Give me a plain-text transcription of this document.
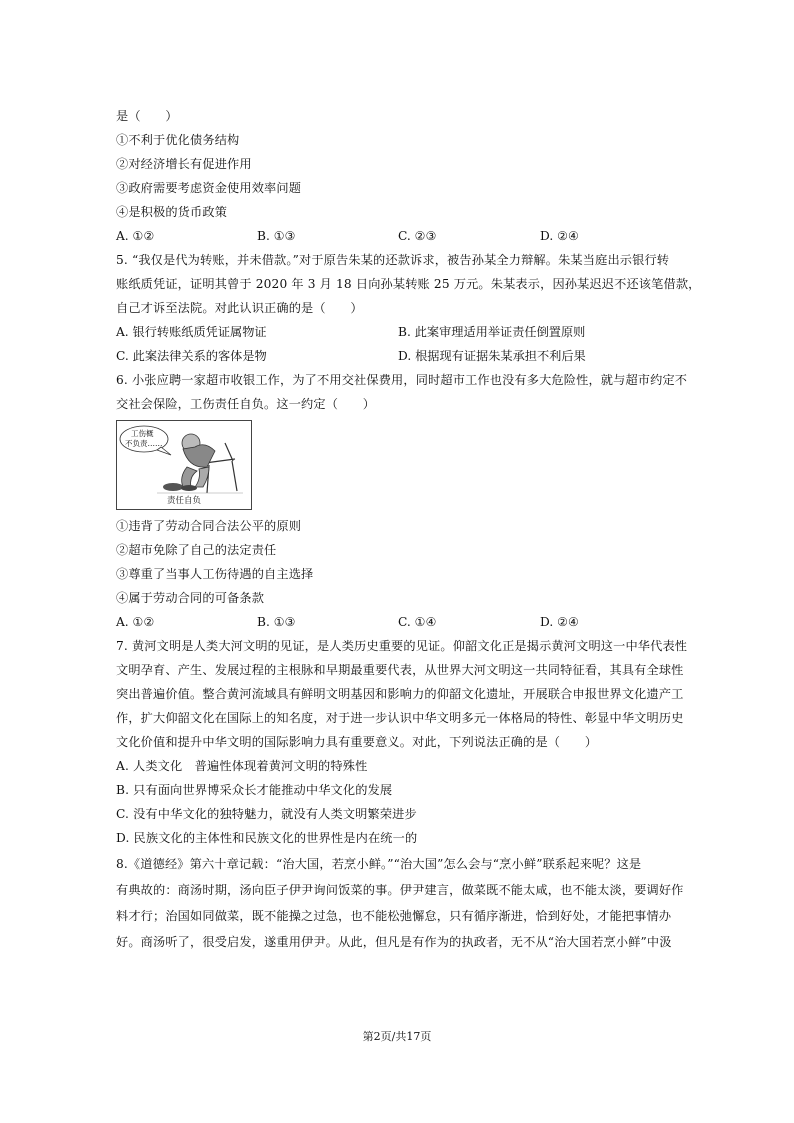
是（　　）
①不利于优化债务结构
②对经济增长有促进作用
③政府需要考虑资金使用效率问题
④是积极的货币政策
A. ①②	B. ①③	C. ②③	D. ②④
5. “我仅是代为转账，并未借款。”对于原告朱某的还款诉求，被告孙某全力辩解。朱某当庭出示银行转
账纸质凭证，证明其曾于 2020 年 3 月 18 日向孙某转账 25 万元。朱某表示，因孙某迟迟不还该笔借款，
自己才诉至法院。对此认识正确的是（　　）
A. 银行转账纸质凭证属物证	B. 此案审理适用举证责任倒置原则
C. 此案法律关系的客体是物	D. 根据现有证据朱某承担不利后果
6. 小张应聘一家超市收银工作，为了不用交社保费用，同时超市工作也没有多大危险性，就与超市约定不
交社会保险，工伤责任自负。这一约定（　　）
工伤概
不负责……
责任自负
①违背了劳动合同合法公平的原则
②超市免除了自己的法定责任
③尊重了当事人工伤待遇的自主选择
④属于劳动合同的可备条款
A. ①②	B. ①③	C. ①④	D. ②④
7. 黄河文明是人类大河文明的见证，是人类历史重要的见证。仰韶文化正是揭示黄河文明这一中华代表性
文明孕育、产生、发展过程的主根脉和早期最重要代表，从世界大河文明这一共同特征看，其具有全球性
突出普遍价值。整合黄河流域具有鲜明文明基因和影响力的仰韶文化遗址，开展联合申报世界文化遗产工
作，扩大仰韶文化在国际上的知名度，对于进一步认识中华文明多元一体格局的特性、彰显中华文明历史
文化价值和提升中华文明的国际影响力具有重要意义。对此，下列说法正确的是（　　）
A. 人类文化　普遍性体现着黄河文明的特殊性
B. 只有面向世界博采众长才能推动中华文化的发展
C. 没有中华文化的独特魅力，就没有人类文明繁荣进步
D. 民族文化的主体性和民族文化的世界性是内在统一的
8.《道德经》第六十章记载：“治大国，若烹小鲜。”“治大国”怎么会与“烹小鲜”联系起来呢？这是
有典故的：商汤时期，汤向臣子伊尹询问饭菜的事。伊尹建言，做菜既不能太咸，也不能太淡，要调好作
料才行；治国如同做菜，既不能操之过急，也不能松弛懈怠，只有循序渐进，恰到好处，才能把事情办
好。商汤听了，很受启发，遂重用伊尹。从此，但凡是有作为的执政者，无不从“治大国若烹小鲜”中汲
第2页/共17页
